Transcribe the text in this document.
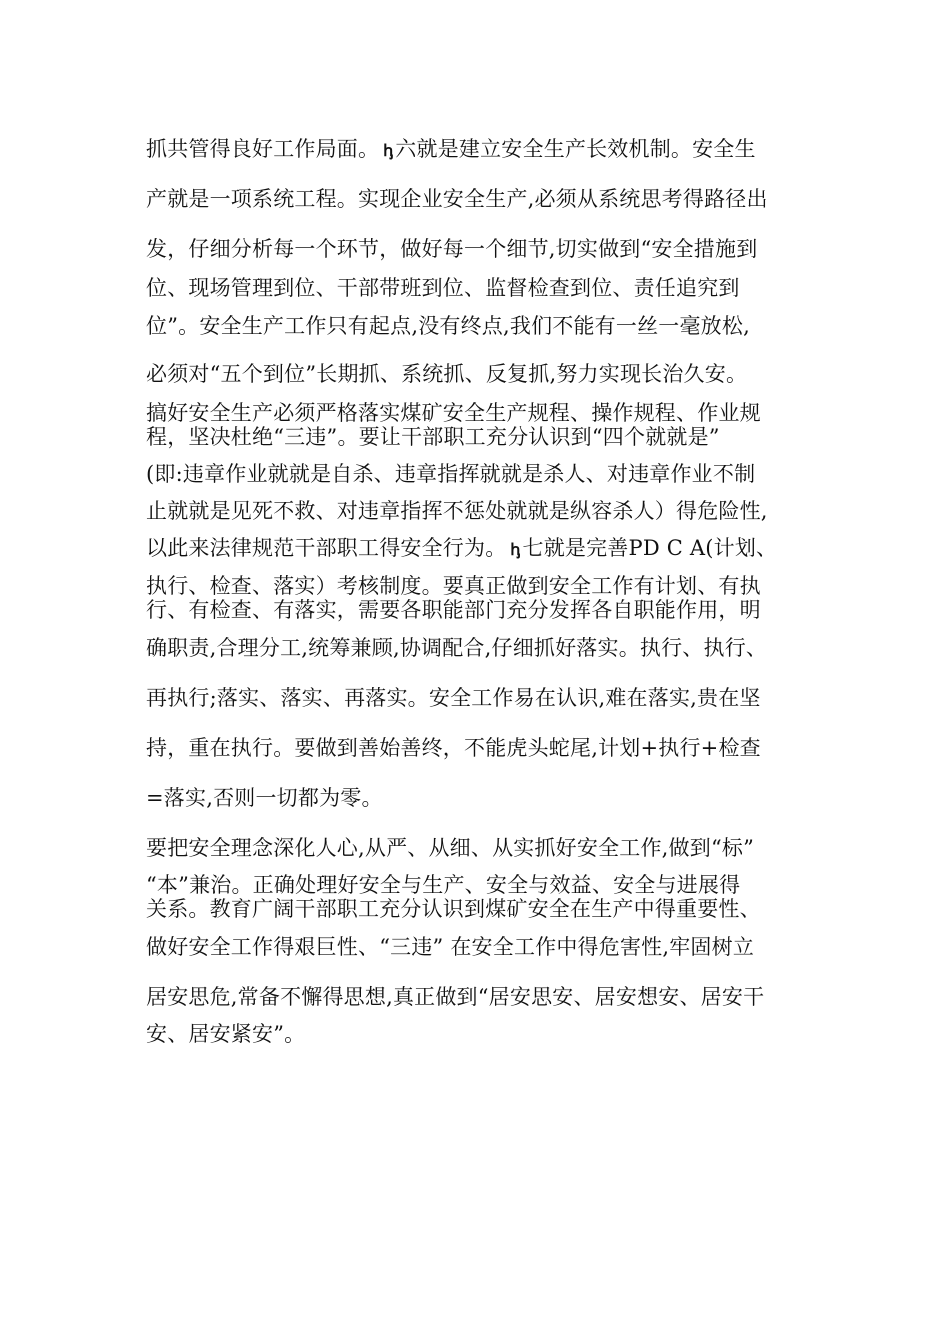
抓共管得良好工作局面。 ꞕ六就是建立安全生产长效机制。安全生
产就是一项系统工程。实现企业安全生产,必须从系统思考得路径出
发，仔细分析每一个环节，做好每一个细节,切实做到“安全措施到
位、现场管理到位、干部带班到位、监督检查到位、责任追究到
位”。安全生产工作只有起点,没有终点,我们不能有一丝一毫放松,
必须对“五个到位”长期抓、系统抓、反复抓,努力实现长治久安。
搞好安全生产必须严格落实煤矿安全生产规程、操作规程、作业规
程，坚决杜绝“三违”。要让干部职工充分认识到“四个就就是”
(即:违章作业就就是自杀、违章指挥就就是杀人、对违章作业不制
止就就是见死不救、对违章指挥不惩处就就是纵容杀人）得危险性,
以此来法律规范干部职工得安全行为。 ꞕ七就是完善PD C A(计划、
执行、检查、落实）考核制度。要真正做到安全工作有计划、有执
行、有检查、有落实，需要各职能部门充分发挥各自职能作用，明
确职责,合理分工,统筹兼顾,协调配合,仔细抓好落实。执行、执行、
再执行;落实、落实、再落实。安全工作易在认识,难在落实,贵在坚
持，重在执行。要做到善始善终，不能虎头蛇尾,计划+执行+检查
=落实,否则一切都为零。
要把安全理念深化人心,从严、从细、从实抓好安全工作,做到“标”
“本”兼治。正确处理好安全与生产、安全与效益、安全与进展得
关系。教育广阔干部职工充分认识到煤矿安全在生产中得重要性、
做好安全工作得艰巨性、“三违” 在安全工作中得危害性,牢固树立
居安思危,常备不懈得思想,真正做到“居安思安、居安想安、居安干
安、居安紧安”。
